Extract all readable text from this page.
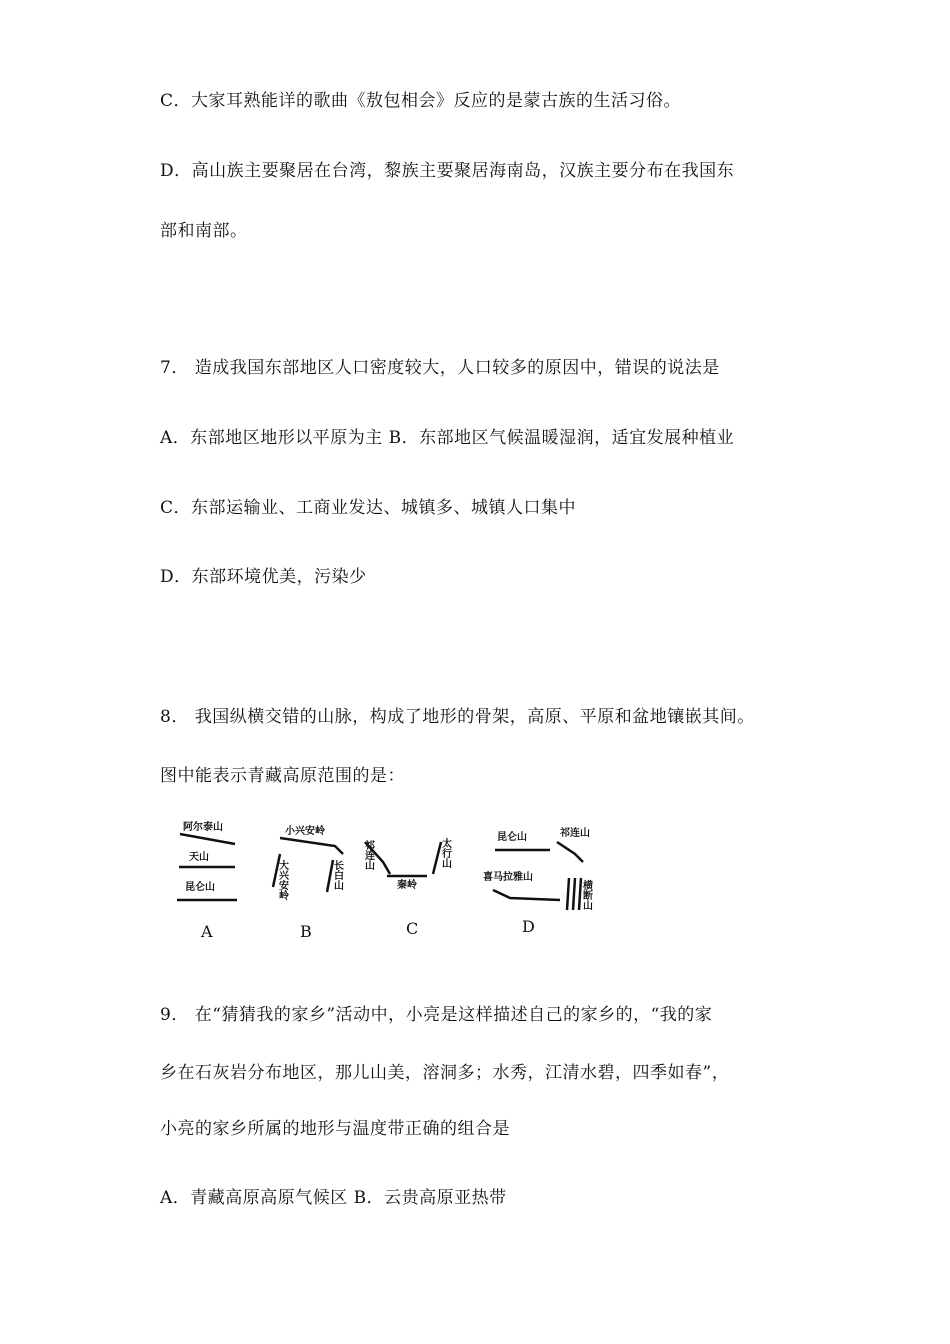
C．大家耳熟能详的歌曲《敖包相会》反应的是蒙古族的生活习俗。
D．高山族主要聚居在台湾，黎族主要聚居海南岛，汉族主要分布在我国东
部和南部。
7． 造成我国东部地区人口密度较大，人口较多的原因中，错误的说法是
A．东部地区地形以平原为主 B．东部地区气候温暖湿润，适宜发展种植业
C．东部运输业、工商业发达、城镇多、城镇人口集中
D．东部环境优美，污染少
8． 我国纵横交错的山脉，构成了地形的骨架，高原、平原和盆地镶嵌其间。
图中能表示青藏高原范围的是：
阿尔泰山
天山
昆仑山
A
小兴安岭
大兴安岭	长白山
B
祁连山
秦岭
太行山
C
昆仑山	祁连山
喜马拉雅山
横断山
D
9． 在“猜猜我的家乡”活动中，小亮是这样描述自己的家乡的，“我的家
乡在石灰岩分布地区，那儿山美，溶洞多；水秀，江清水碧，四季如春”，
小亮的家乡所属的地形与温度带正确的组合是
A．青藏高原高原气候区 B．云贵高原亚热带
